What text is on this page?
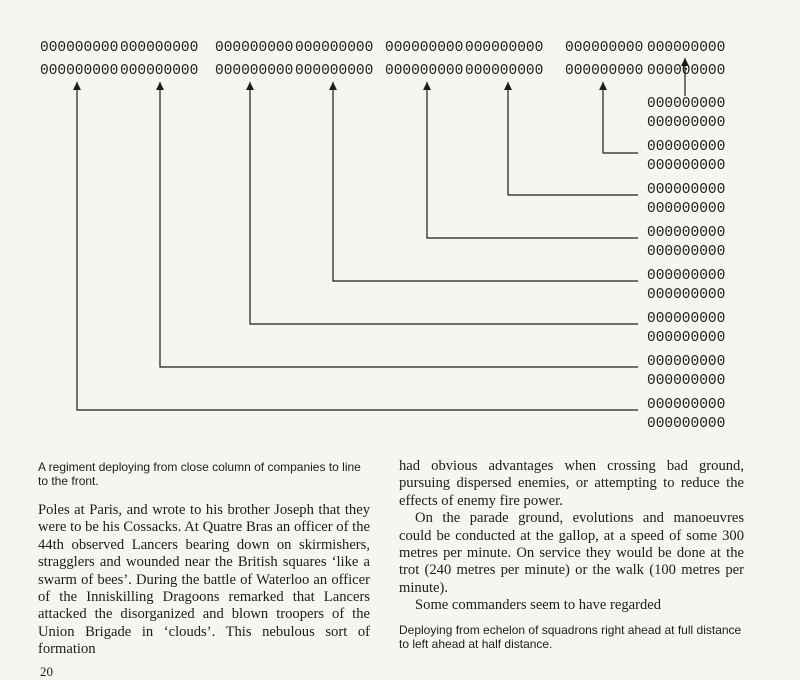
000000000
000000000
000000000
000000000
000000000
000000000
000000000
000000000
000000000
000000000
000000000
000000000
000000000
000000000
000000000
000000000
000000000
000000000
000000000
000000000
000000000
000000000
000000000
000000000
000000000
000000000
000000000
000000000
000000000
000000000
000000000
000000000

A regiment deploying from close column of companies to line to the front.

Poles at Paris, and wrote to his brother Joseph that they were to be his Cossacks. At Quatre Bras an officer of the 44th observed Lancers bearing down on skirmishers, stragglers and wounded near the British squares ‘like a swarm of bees’. During the battle of Waterloo an officer of the Inniskilling Dragoons remarked that Lancers attacked the disorganized and blown troopers of the Union Brigade in ‘clouds’. This nebulous sort of formation

had obvious advantages when crossing bad ground, pursuing dispersed enemies, or attempting to reduce the effects of enemy fire power.

On the parade ground, evolutions and manoeuvres could be conducted at the gallop, at a speed of some 300 metres per minute. On service they would be done at the trot (240 metres per minute) or the walk (100 metres per minute).

Some commanders seem to have regarded

Deploying from echelon of squadrons right ahead at full distance to left ahead at half distance.

20
